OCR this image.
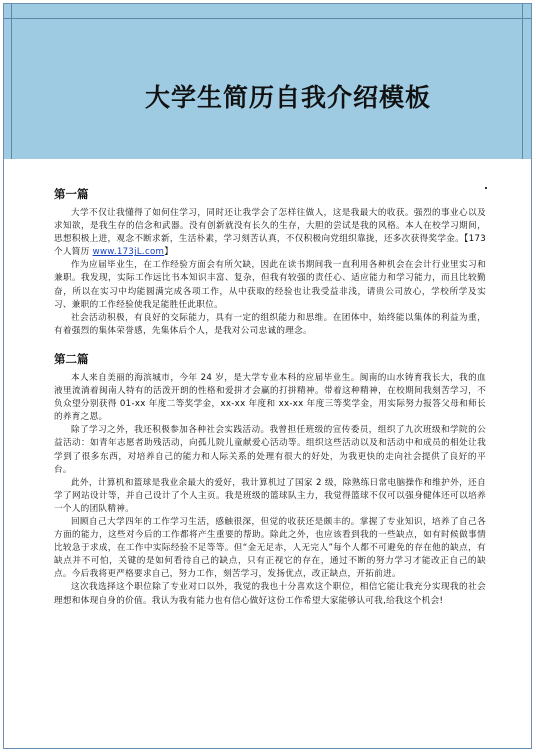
大学生简历自我介绍模板
第一篇

大学不仅让我懂得了如何住学习，同时还让我学会了怎样往做人，这是我最大的收获。强烈的事业心以及求知欲，是我生存的信念和武器。没有创新就没有长久的生存，大胆的尝试是我的风格。本人在校学习期间，思想积极上进，观念不断求新，生活朴素，学习刻苦认真，不仅积极向党组织靠拢，还多次获得奖学金。【173 个人简历 www.173jL.com】

作为应届毕业生，在工作经验方面会有所欠缺，因此在读书期间我一直利用各种机会在会计行业里实习和兼职。我发现，实际工作远比书本知识丰富、复杂，但我有较强的责任心、适应能力和学习能力，而且比较勤奋，所以在实习中均能圆满完成各项工作，从中获取的经验也让我受益非浅，请贵公司放心，学校所学及实习、兼职的工作经验使我足能胜任此职位。

社会活动积极，有良好的交际能力，具有一定的组织能力和思维。在团体中，始终能以集体的利益为重，有着强烈的集体荣誉感，先集体后个人，是我对公司忠诚的理念。

第二篇

本人来自美丽的海滨城市，今年 24 岁，是大学专业本科的应届毕业生。闽南的山水铸育我长大，我的血液里流淌着闽南人特有的活泼开朗的性格和爱拼才会赢的打拼精神。带着这种精神，在校期间我刻苦学习，不负众望分别获得 01-xx 年度二等奖学金，xx-xx 年度和 xx-xx 年度三等奖学金，用实际努力报答父母和师长的养育之恩。

除了学习之外，我还积极参加各种社会实践活动。我曾担任班级的宣传委员，组织了九次班级和学院的公益活动：如青年志愿者助残活动，向孤儿院儿童献爱心活动等。组织这些活动以及和活动中和成员的相处让我学到了很多东西，对培养自己的能力和人际关系的处理有很大的好处，为我更快的走向社会提供了良好的平台。

此外，计算机和篮球是我业余最大的爱好，我计算机过了国家 2 级，除熟练日常电脑操作和维护外，还自学了网站设计等，并自己设计了个人主页。我是班级的篮球队主力，我觉得篮球不仅可以强身健体还可以培养一个人的团队精神。

回顾自己大学四年的工作学习生活，感触很深，但觉的收获还是颇丰的。掌握了专业知识，培养了自己各方面的能力，这些对今后的工作都将产生重要的帮助。除此之外，也应该看到我的一些缺点，如有时候做事情比较急于求成，在工作中实际经验不足等等。但“金无足赤，人无完人”每个人都不可避免的存在他的缺点，有缺点并不可怕，关键的是如何看待自己的缺点，只有正视它的存在，通过不断的努力学习才能改正自己的缺点。今后我将更严格要求自己，努力工作，刻苦学习，发扬优点，改正缺点，开拓前进。

这次我选择这个职位除了专业对口以外，我觉的我也十分喜欢这个职位，相信它能让我充分实现我的社会理想和体现自身的价值。我认为我有能力也有信心做好这份工作希望大家能够认可我,给我这个机会!
